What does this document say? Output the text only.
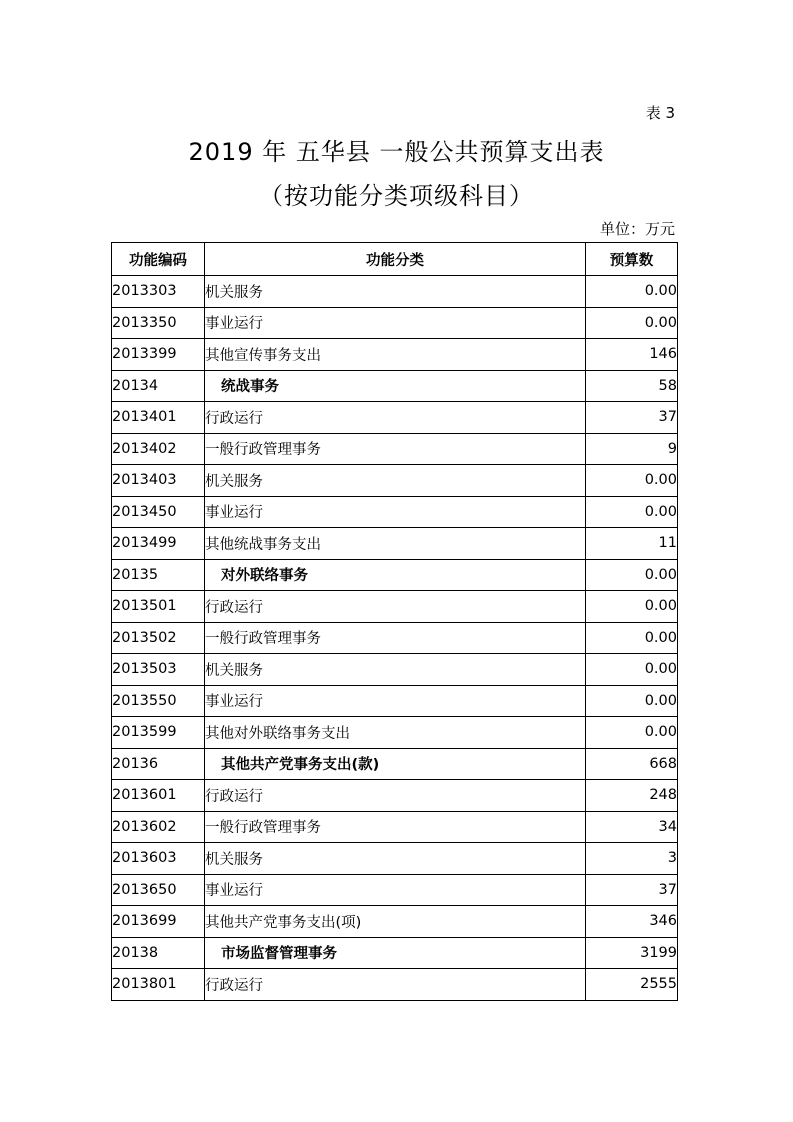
表 3
2019 年 五华县 一般公共预算支出表
（按功能分类项级科目）
单位：万元
功能编码	功能分类	预算数
2013303	机关服务	0.00
2013350	事业运行	0.00
2013399	其他宣传事务支出	146
20134	统战事务	58
2013401	行政运行	37
2013402	一般行政管理事务	9
2013403	机关服务	0.00
2013450	事业运行	0.00
2013499	其他统战事务支出	11
20135	对外联络事务	0.00
2013501	行政运行	0.00
2013502	一般行政管理事务	0.00
2013503	机关服务	0.00
2013550	事业运行	0.00
2013599	其他对外联络事务支出	0.00
20136	其他共产党事务支出(款)	668
2013601	行政运行	248
2013602	一般行政管理事务	34
2013603	机关服务	3
2013650	事业运行	37
2013699	其他共产党事务支出(项)	346
20138	市场监督管理事务	3199
2013801	行政运行	2555
